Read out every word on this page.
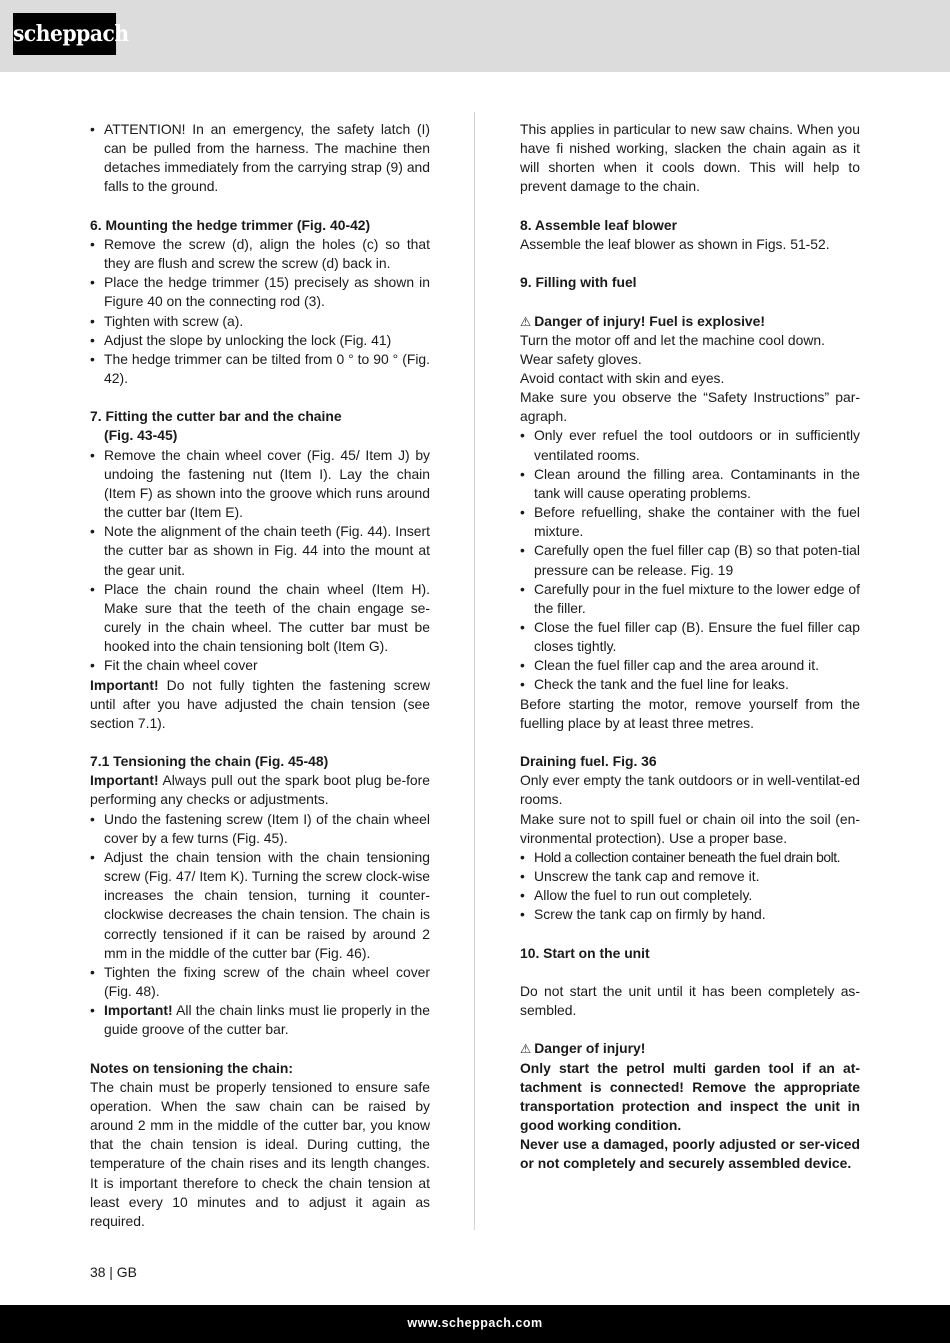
scheppach
• ATTENTION! In an emergency, the safety latch (I) can be pulled from the harness. The machine then detaches immediately from the carrying strap (9) and falls to the ground.

6. Mounting the hedge trimmer (Fig. 40-42)

• Remove the screw (d), align the holes (c) so that they are flush and screw the screw (d) back in.
• Place the hedge trimmer (15) precisely as shown in Figure 40 on the connecting rod (3).
• Tighten with screw (a).
• Adjust the slope by unlocking the lock (Fig. 41)
• The hedge trimmer can be tilted from 0 ° to 90 ° (Fig. 42).

7. Fitting the cutter bar and the chaine

(Fig. 43-45)

• Remove the chain wheel cover (Fig. 45/ Item J) by undoing the fastening nut (Item I). Lay the chain (Item F) as shown into the groove which runs around the cutter bar (Item E).
• Note the alignment of the chain teeth (Fig. 44). Insert the cutter bar as shown in Fig. 44 into the mount at the gear unit.
• Place the chain round the chain wheel (Item H). Make sure that the teeth of the chain engage se-curely in the chain wheel. The cutter bar must be hooked into the chain tensioning bolt (Item G).
• Fit the chain wheel cover

Important! Do not fully tighten the fastening screw until after you have adjusted the chain tension (see section 7.1).

7.1 Tensioning the chain (Fig. 45-48)

Important! Always pull out the spark boot plug be-fore performing any checks or adjustments.

• Undo the fastening screw (Item I) of the chain wheel cover by a few turns (Fig. 45).
• Adjust the chain tension with the chain tensioning screw (Fig. 47/ Item K). Turning the screw clock-wise increases the chain tension, turning it counter-clockwise decreases the chain tension. The chain is correctly tensioned if it can be raised by around 2 mm in the middle of the cutter bar (Fig. 46).
• Tighten the fixing screw of the chain wheel cover (Fig. 48).
• Important! All the chain links must lie properly in the guide groove of the cutter bar.

Notes on tensioning the chain:

The chain must be properly tensioned to ensure safe operation. When the saw chain can be raised by around 2 mm in the middle of the cutter bar, you know that the chain tension is ideal. During cutting, the temperature of the chain rises and its length changes. It is important therefore to check the chain tension at least every 10 minutes and to adjust it again as required.

This applies in particular to new saw chains. When you have fi nished working, slacken the chain again as it will shorten when it cools down. This will help to prevent damage to the chain.

8. Assemble leaf blower

Assemble the leaf blower as shown in Figs. 51-52.

9. Filling with fuel

⚠ Danger of injury! Fuel is explosive!

Turn the motor off and let the machine cool down.

Wear safety gloves.

Avoid contact with skin and eyes.

Make sure you observe the “Safety Instructions” par-agraph.

• Only ever refuel the tool outdoors or in sufficiently ventilated rooms.
• Clean around the filling area. Contaminants in the tank will cause operating problems.
• Before refuelling, shake the container with the fuel mixture.
• Carefully open the fuel filler cap (B) so that poten-tial pressure can be release. Fig. 19
• Carefully pour in the fuel mixture to the lower edge of the filler.
• Close the fuel filler cap (B). Ensure the fuel filler cap closes tightly.
• Clean the fuel filler cap and the area around it.
• Check the tank and the fuel line for leaks.

Before starting the motor, remove yourself from the fuelling place by at least three metres.

Draining fuel. Fig. 36

Only ever empty the tank outdoors or in well-ventilat-ed rooms.

Make sure not to spill fuel or chain oil into the soil (en-vironmental protection). Use a proper base.

• Hold a collection container beneath the fuel drain bolt.
• Unscrew the tank cap and remove it.
• Allow the fuel to run out completely.
• Screw the tank cap on firmly by hand.

10. Start on the unit

Do not start the unit until it has been completely as-sembled.

⚠ Danger of injury!

Only start the petrol multi garden tool if an at-tachment is connected! Remove the appropriate transportation protection and inspect the unit in good working condition.

Never use a damaged, poorly adjusted or ser-viced or not completely and securely assembled device.

38 | GB
www.scheppach.com
